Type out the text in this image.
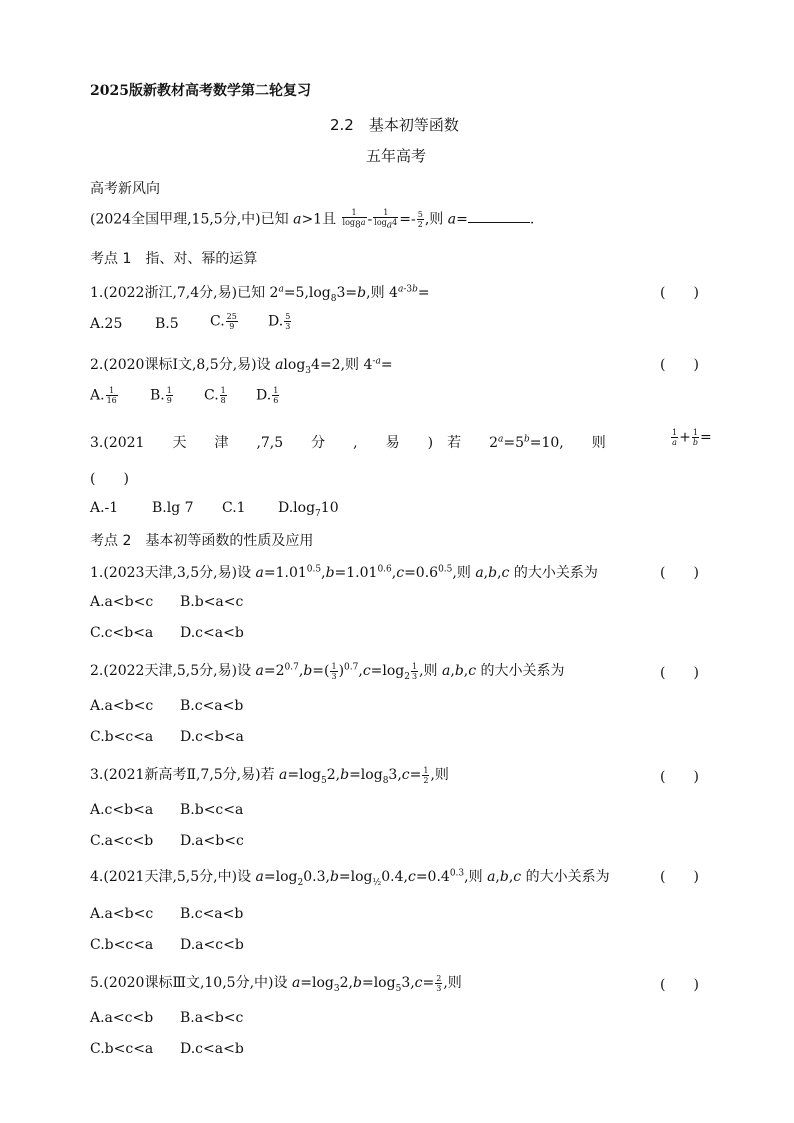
2025版新教材高考数学第二轮复习
2.2　基本初等函数
五年高考
高考新风向
(2024全国甲理,15,5分,中)已知 a>1且 $\frac{1}{\log_8a} - \frac{1}{\log_a4} =- \frac{5}{2}$ ,则 a=	.
考点 1　指、对、幂的运算
1.(2022浙江,7,4分,易)已知 $2^a=5,\log_83=b$,则 $4^{a-3b}=$	(　　)
A.25 B.5 C. $\frac{25}{9} D$. $\frac{5}{3}$
2.(2020课标Ⅰ文,8,5分,易)设 alog$_3$4=2,则 $4^{-a}=$	(　　)
A. $\frac{1}{16} B$. $\frac{1}{9} C$. $\frac{1}{8} D$. $\frac{1}{6}$
3.(2021　　天　　津　　,7,5　　分　　,　　易　　)　若　　$2^a=5^b=10$,　　则	$\frac{1}{a} + \frac{1}{b}$ =
(　　)
A.-1 B.lg 7 C.1 $D.\log_710$
考点 2　基本初等函数的性质及应用
1.(2023天津,3,5分,易)设 $a=1.01^{0.5},b=1.01^{0.6},c=0.6^{0.5}$,则 a,b,c 的大小关系为	(　　)
A.a<b<c B.b<a<c
C.c<b<a D.c<a<b
2.(2022天津,5,5分,易)设 $a=2^{0.7},b=( \frac{1}{3} )^{0.7},c=\log_2 \frac{1}{3}$ ,则 a,b,c 的大小关系为	(　　)
A.a<b<c B.c<a<b
C.b<c<a D.c<b<a
3.(2021新高考Ⅱ,7,5分,易)若 $a=\log_52,b=\log_83,c= \frac{1}{2}$ ,则	(　　)
A.c<b<a B.b<c<a
C.a<c<b D.a<b<c
4.(2021天津,5,5分,中)设 $a=\log_20.3,b=\log_{\frac{1}{2}}0.4,c=0.4^{0.3}$,则 a,b,c 的大小关系为	(　　)
A.a<b<c B.c<a<b
C.b<c<a D.a<c<b
5.(2020课标Ⅲ文,10,5分,中)设 $a=\log_32,b=\log_53,c= \frac{2}{3}$ ,则	(　　)
A.a<c<b B.a<b<c
C.b<c<a D.c<a<b
